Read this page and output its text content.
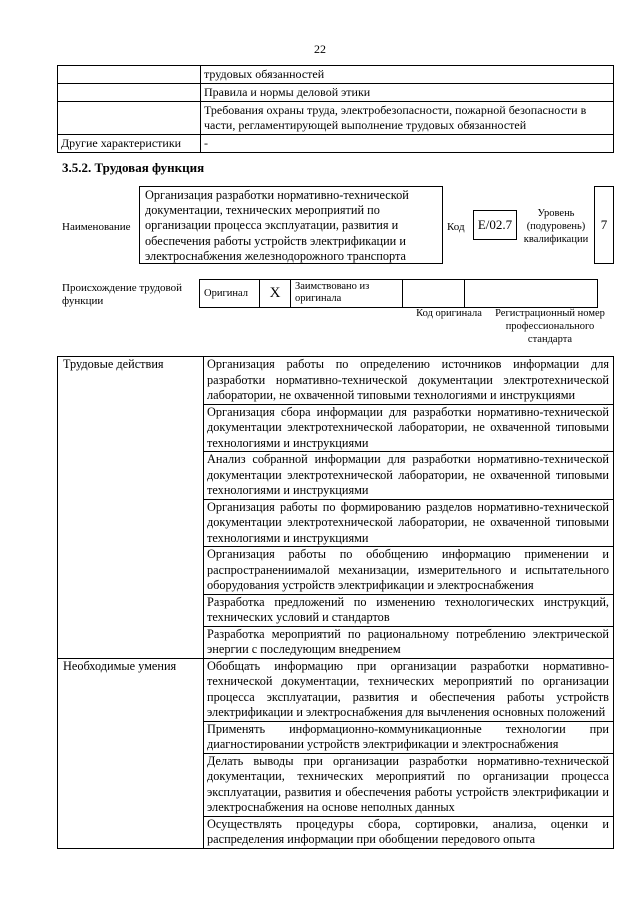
22
	трудовых обязанностей
	Правила и нормы деловой этики
	Требования охраны труда, электробезопасности, пожарной безопасности в части, регламентирующей выполнение трудовых обязанностей
Другие характеристики	-
3.5.2. Трудовая функция
Наименование
Организация разработки нормативно-технической документации, технических мероприятий по организации процесса эксплуатации, развития и обеспечения работы устройств электрификации и электроснабжения железнодорожного транспорта
Код	E/02.7
Уровень (подуровень) квалификации
7
Происхождение трудовой функции
Оригинал	X	Заимствовано из оригинала		
Код оригинала	Регистрационный номер профессионального стандарта
Трудовые действия	Организация работы по определению источников информации для разработки нормативно-технической документации электротехнической лаборатории, не охваченной типовыми технологиями и инструкциями
	Организация сбора информации для разработки нормативно-технической документации электротехнической лаборатории, не охваченной типовыми технологиями и инструкциями
	Анализ собранной информации для разработки нормативно-технической документации электротехнической лаборатории, не охваченной типовыми технологиями и инструкциями
	Организация работы по формированию разделов нормативно-технической документации электротехнической лаборатории, не охваченной типовыми технологиями и инструкциями
	Организация работы по обобщению информацию применении и распространениималой механизации, измерительного и испытательного оборудования устройств электрификации и электроснабжения
	Разработка предложений по изменению технологических инструкций, технических условий и стандартов
	Разработка мероприятий по рациональному потреблению электрической энергии с последующим внедрением
Необходимые умения	Обобщать информацию при организации разработки нормативно-технической документации, технических мероприятий по организации процесса эксплуатации, развития и обеспечения работы устройств электрификации и электроснабжения для вычленения основных положений
	Применять информационно-коммуникационные технологии при диагностировании устройств электрификации и электроснабжения
	Делать выводы при организации разработки нормативно-технической документации, технических мероприятий по организации процесса эксплуатации, развития и обеспечения работы устройств электрификации и электроснабжения на основе неполных данных
	Осуществлять процедуры сбора, сортировки, анализа, оценки и распределения информации при обобщении передового опыта
